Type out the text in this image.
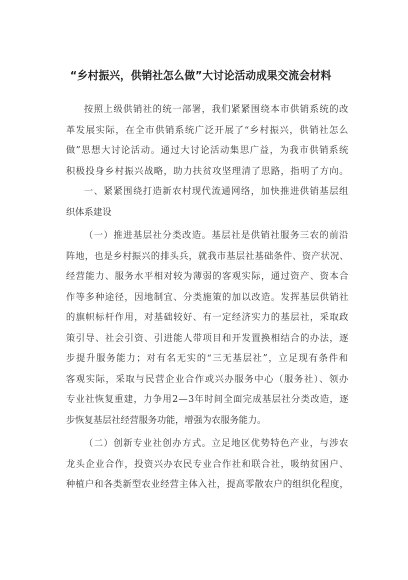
“乡村振兴，供销社怎么做”大讨论活动成果交流会材料
按照上级供销社的统一部署，我们紧紧围绕本市供销系统的改
革发展实际，在全市供销系统广泛开展了“乡村振兴，供销社怎么
做”思想大讨论活动。通过大讨论活动集思广益，为我市供销系统
积极投身乡村振兴战略，助力扶贫攻坚理清了思路，指明了方向。
一、紧紧围绕打造新农村现代流通网络，加快推进供销基层组
织体系建设
（一）推进基层社分类改造。基层社是供销社服务三农的前沿
阵地，也是乡村振兴的排头兵，就我市基层社基础条件、资产状况、
经营能力、服务水平相对较为薄弱的客观实际，通过资产、资本合
作等多种途径，因地制宜、分类施策的加以改造。发挥基层供销社
的旗帜标杆作用，对基础较好、有一定经济实力的基层社，采取政
策引导、社会引资、引进能人带项目和开发置换相结合的办法，逐
步提升服务能力；对有名无实的“三无基层社”，立足现有条件和
客观实际，采取与民营企业合作或兴办服务中心（服务社）、领办
专业社恢复重建，力争用2—3年时间全面完成基层社分类改造，逐
步恢复基层社经营服务功能，增强为农服务能力。
（二）创新专业社创办方式。立足地区优势特色产业，与涉农
龙头企业合作，投资兴办农民专业合作社和联合社，吸纳贫困户、
种植户和各类新型农业经营主体入社，提高零散农户的组织化程度，
